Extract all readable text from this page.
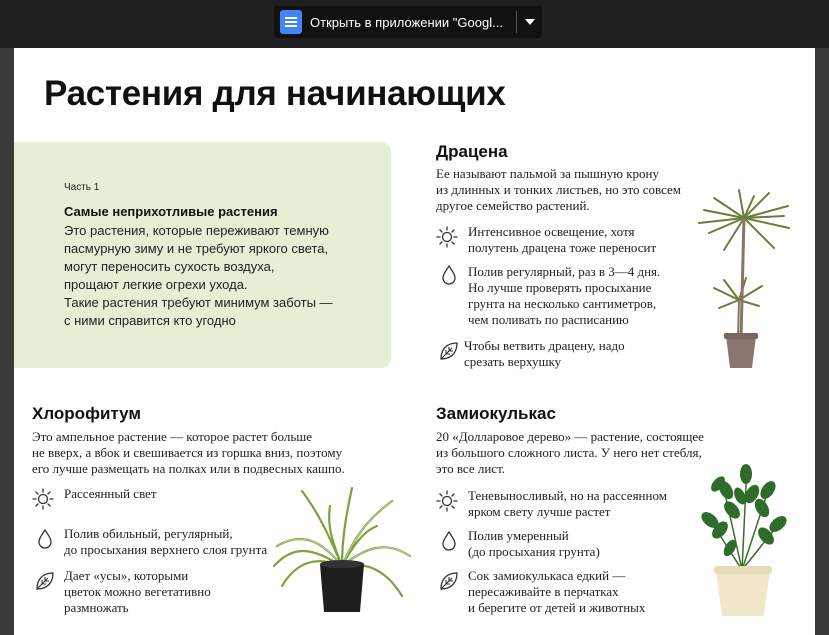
Открыть в приложении "Googl...
Растения для начинающих
Часть 1
Самые неприхотливые растения
Это растения, которые переживают темную
пасмурную зиму и не требуют яркого света,
могут переносить сухость воздуха,
прощают легкие огрехи ухода.
Такие растения требуют минимум заботы —
с ними справится кто угодно
Драцена
Ее называют пальмой за пышную крону
из длинных и тонких листьев, но это совсем
другое семейство растений.
Интенсивное освещение, хотя
полутень драцена тоже переносит
Полив регулярный, раз в 3—4 дня.
Но лучше проверять просыхание
грунта на несколько сантиметров,
чем поливать по расписанию
Чтобы ветвить драцену, надо
срезать верхушку
Хлорофитум
Это ампельное растение — которое растет больше
не вверх, а вбок и свешивается из горшка вниз, поэтому
его лучше размещать на полках или в подвесных кашпо.
Рассеянный свет
Полив обильный, регулярный,
до просыхания верхнего слоя грунта
Дает «усы», которыми
цветок можно вегетативно
размножать
Замиокулькас
20 «Долларовое дерево» — растение, состоящее
из большого сложного листа. У него нет стебля,
это все лист.
Теневыносливый, но на рассеянном
ярком свету лучше растет
Полив умеренный
(до просыхания грунта)
Сок замиокулькаса едкий —
пересаживайте в перчатках
и берегите от детей и животных
